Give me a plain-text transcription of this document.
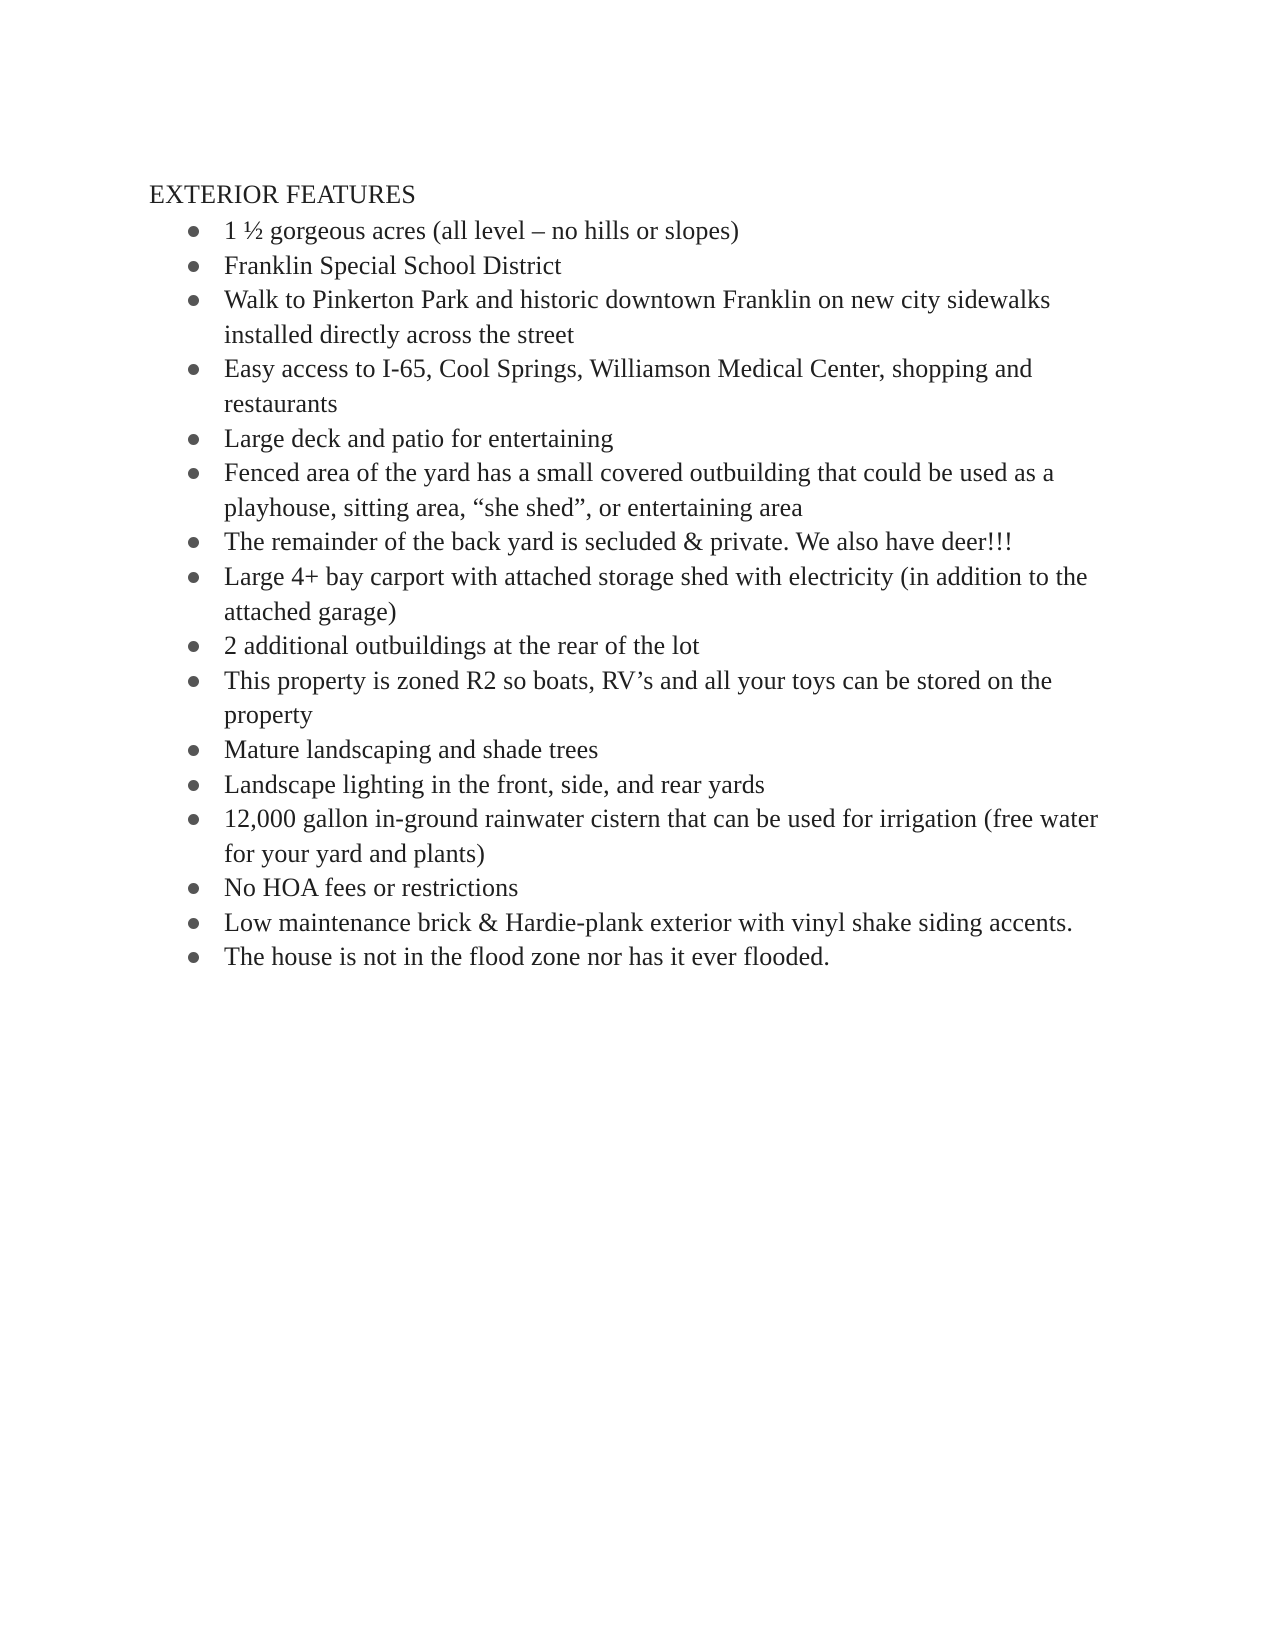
EXTERIOR FEATURES
1 ½ gorgeous acres (all level – no hills or slopes)
Franklin Special School District
Walk to Pinkerton Park and historic downtown Franklin on new city sidewalks installed directly across the street
Easy access to I-65, Cool Springs, Williamson Medical Center, shopping and restaurants
Large deck and patio for entertaining
Fenced area of the yard has a small covered outbuilding that could be used as a playhouse, sitting area, “she shed”, or entertaining area
The remainder of the back yard is secluded & private. We also have deer!!!
Large 4+ bay carport with attached storage shed with electricity (in addition to the attached garage)
2 additional outbuildings at the rear of the lot
This property is zoned R2 so boats, RV’s and all your toys can be stored on the property
Mature landscaping and shade trees
Landscape lighting in the front, side, and rear yards
12,000 gallon in-ground rainwater cistern that can be used for irrigation (free water for your yard and plants)
No HOA fees or restrictions
Low maintenance brick & Hardie-plank exterior with vinyl shake siding accents.
The house is not in the flood zone nor has it ever flooded.
